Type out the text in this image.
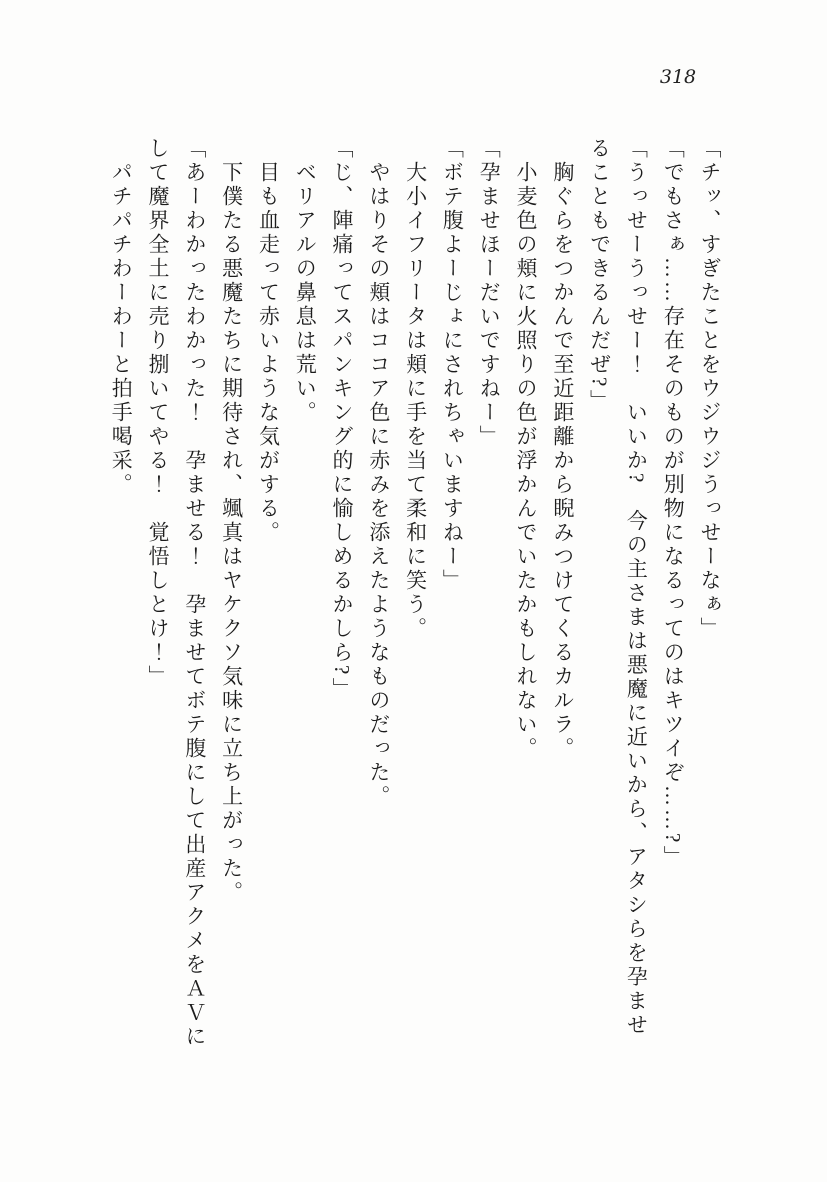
318

「チッ、すぎたことをウジウジうっせーなぁ」

「でもさぁ……存在そのものが別物になるってのはキツイぞ……?」

「うっせーうっせー！　いいか?　今の主さまは悪魔に近いから、アタシらを孕ませ

ることもできるんだぜ?」

　胸ぐらをつかんで至近距離から睨みつけてくるカルラ。

　小麦色の頬に火照りの色が浮かんでいたかもしれない。

「孕ませほーだいですねー」

「ボテ腹よーじょにされちゃいますねー」

　大小イフリータは頬に手を当て柔和に笑う。

　やはりその頬はココア色に赤みを添えたようなものだった。

「じ、陣痛ってスパンキング的に愉しめるかしら?」

　ベリアルの鼻息は荒い。

　目も血走って赤いような気がする。

　下僕たる悪魔たちに期待され、颯真はヤケクソ気味に立ち上がった。

「あーわかったわかった！　孕ませる！　孕ませてボテ腹にして出産アクメをＡＶに

して魔界全土に売り捌いてやる！　覚悟しとけ！」

　パチパチわーわーと拍手喝采。
